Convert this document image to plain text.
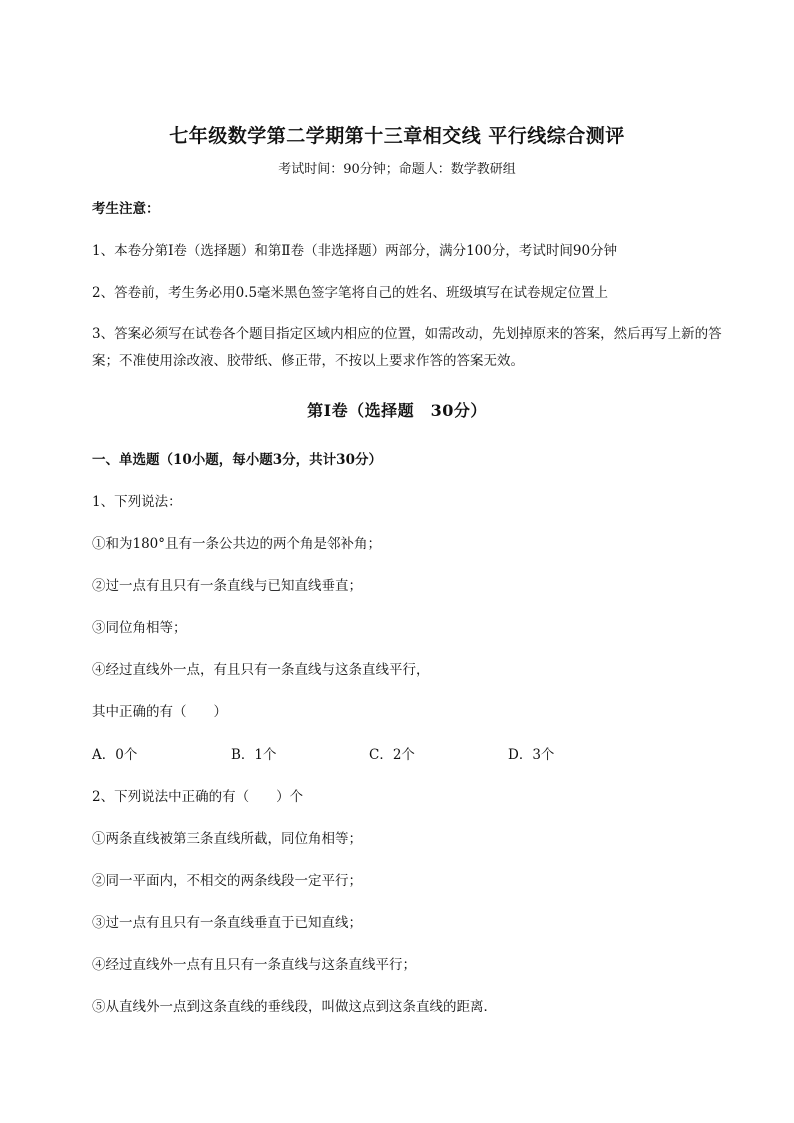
七年级数学第二学期第十三章相交线 平行线综合测评
考试时间：90分钟；命题人：数学教研组
考生注意：
1、本卷分第Ⅰ卷（选择题）和第Ⅱ卷（非选择题）两部分，满分100分，考试时间90分钟
2、答卷前，考生务必用0.5毫米黑色签字笔将自己的姓名、班级填写在试卷规定位置上
3、答案必须写在试卷各个题目指定区域内相应的位置，如需改动，先划掉原来的答案，然后再写上新的答案；不准使用涂改液、胶带纸、修正带，不按以上要求作答的答案无效。
第Ⅰ卷（选择题　30分）
一、单选题（10小题，每小题3分，共计30分）
1、下列说法：
①和为180°且有一条公共边的两个角是邻补角；
②过一点有且只有一条直线与已知直线垂直；
③同位角相等；
④经过直线外一点，有且只有一条直线与这条直线平行，
其中正确的有（　　）
A．0个	B．1个	C．2个	D．3个
2、下列说法中正确的有（　　）个
①两条直线被第三条直线所截，同位角相等；
②同一平面内，不相交的两条线段一定平行；
③过一点有且只有一条直线垂直于已知直线；
④经过直线外一点有且只有一条直线与这条直线平行；
⑤从直线外一点到这条直线的垂线段，叫做这点到这条直线的距离．
